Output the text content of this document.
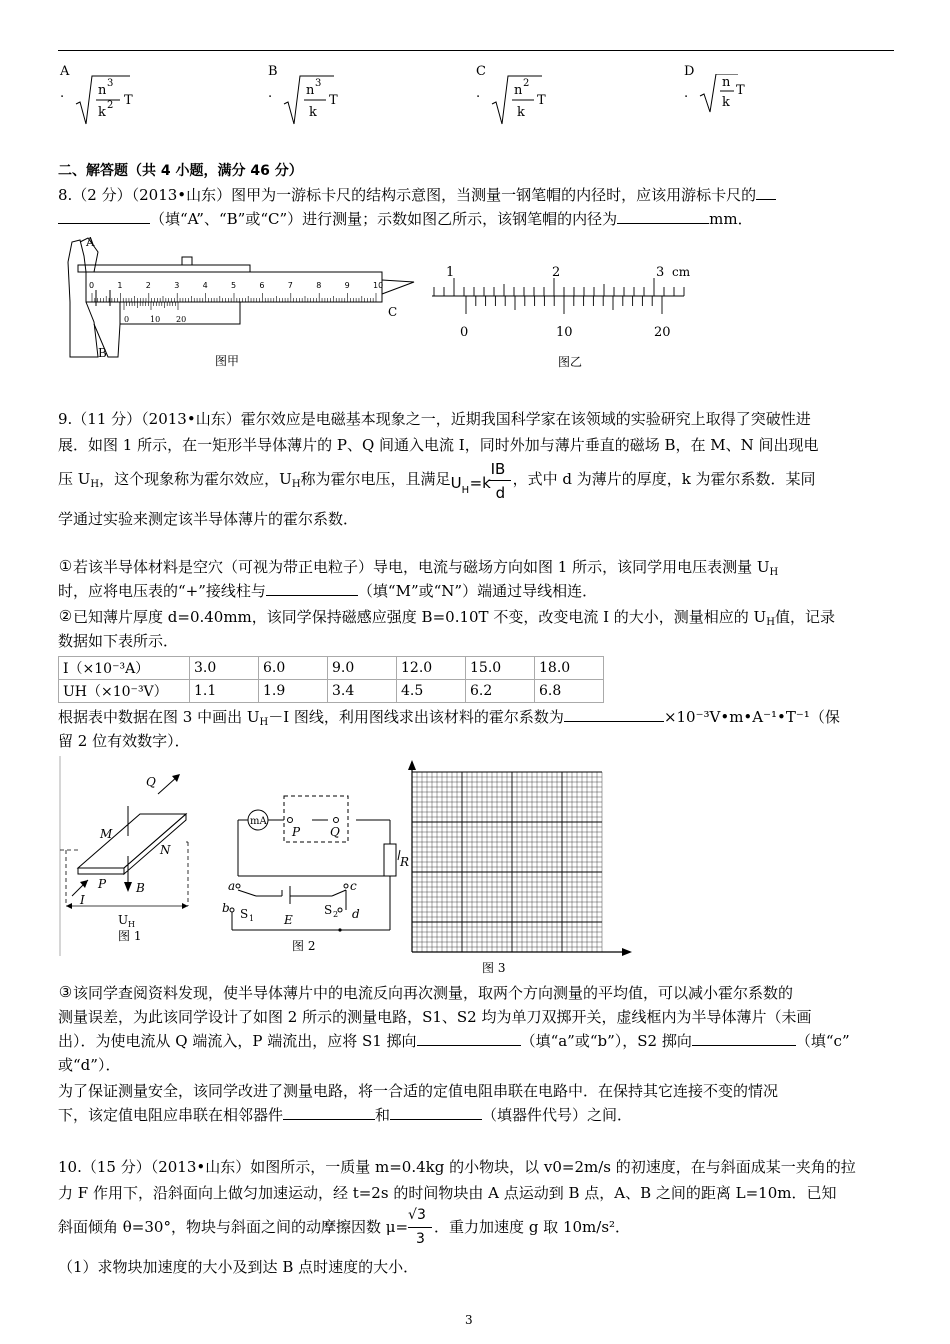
A
.	n 3
k 2 T
B
.	n 3
k
T
C
.	n 2
k
T
D
.
n
k
T
二、解答题（共 4 小题，满分 46 分）
8.（2 分）（2013•山东）图甲为一游标卡尺的结构示意图，当测量一钢笔帽的内径时，应该用游标卡尺的
（填“A”、“B”或“C”）进行测量；示数如图乙所示，该钢笔帽的内径为	mm．
0	1	2	3	4	5	6	7	8	9	10
0	10 20
A
B
C
图甲
1	2	3 cm
0	10	20
图乙
9.（11 分）（2013•山东）霍尔效应是电磁基本现象之一，近期我国科学家在该领域的实验研究上取得了突破性进
展．如图 1 所示，在一矩形半导体薄片的 P、Q 间通入电流 I，同时外加与薄片垂直的磁场 B，在 M、N 间出现电
压 $U_H$，这个现象称为霍尔效应，$U_H$称为霍尔电压，且满足 U H =k
IB
d
，式中 d 为薄片的厚度，k 为霍尔系数．某同
学通过实验来测定该半导体薄片的霍尔系数．
①若该半导体材料是空穴（可视为带正电粒子）导电，电流与磁场方向如图 1 所示，该同学用电压表测量 $U_H$
时，应将电压表的“+”接线柱与	（填“M”或“N”）端通过导线相连．
②已知薄片厚度 d=0.40mm，该同学保持磁感应强度 B=0.10T 不变，改变电流 I 的大小，测量相应的 $U_H$值，记录
数据如下表所示．
I（×10⁻³A）	3.0	6.0	9.0	12.0	15.0	18.0
UH（×10⁻³V）	1.1	1.9	3.4	4.5	6.2	6.8
根据表中数据在图 3 中画出 $U_H-I$ 图线，利用图线求出该材料的霍尔系数为	×10⁻³V•m•A⁻¹•T⁻¹（保
留 2 位有效数字）．
M
N
Q
P B
I
U H
图 1
mA
P Q
R
a
b
c
d
S 1
S 2
E
图 2
图 3
③该同学查阅资料发现，使半导体薄片中的电流反向再次测量，取两个方向测量的平均值，可以减小霍尔系数的
测量误差，为此该同学设计了如图 2 所示的测量电路，S1、S2 均为单刀双掷开关，虚线框内为半导体薄片（未画
出）．为使电流从 Q 端流入，P 端流出，应将 S1 掷向	（填“a”或“b”），S2 掷向	（填“c”
或“d”）．
为了保证测量安全，该同学改进了测量电路，将一合适的定值电阻串联在电路中．在保持其它连接不变的情况
下，该定值电阻应串联在相邻器件	和	（填器件代号）之间．
10.（15 分）（2013•山东）如图所示，一质量 m=0.4kg 的小物块，以 v0=2m/s 的初速度，在与斜面成某一夹角的拉
力 F 作用下，沿斜面向上做匀加速运动，经 t=2s 的时间物块由 A 点运动到 B 点，A、B 之间的距离 L=10m．已知
斜面倾角 θ=30°，物块与斜面之间的动摩擦因数 $\mu= \frac{√3}{3}$ ．重力加速度 g 取 10m/s²．
（1）求物块加速度的大小及到达 B 点时速度的大小．
3
